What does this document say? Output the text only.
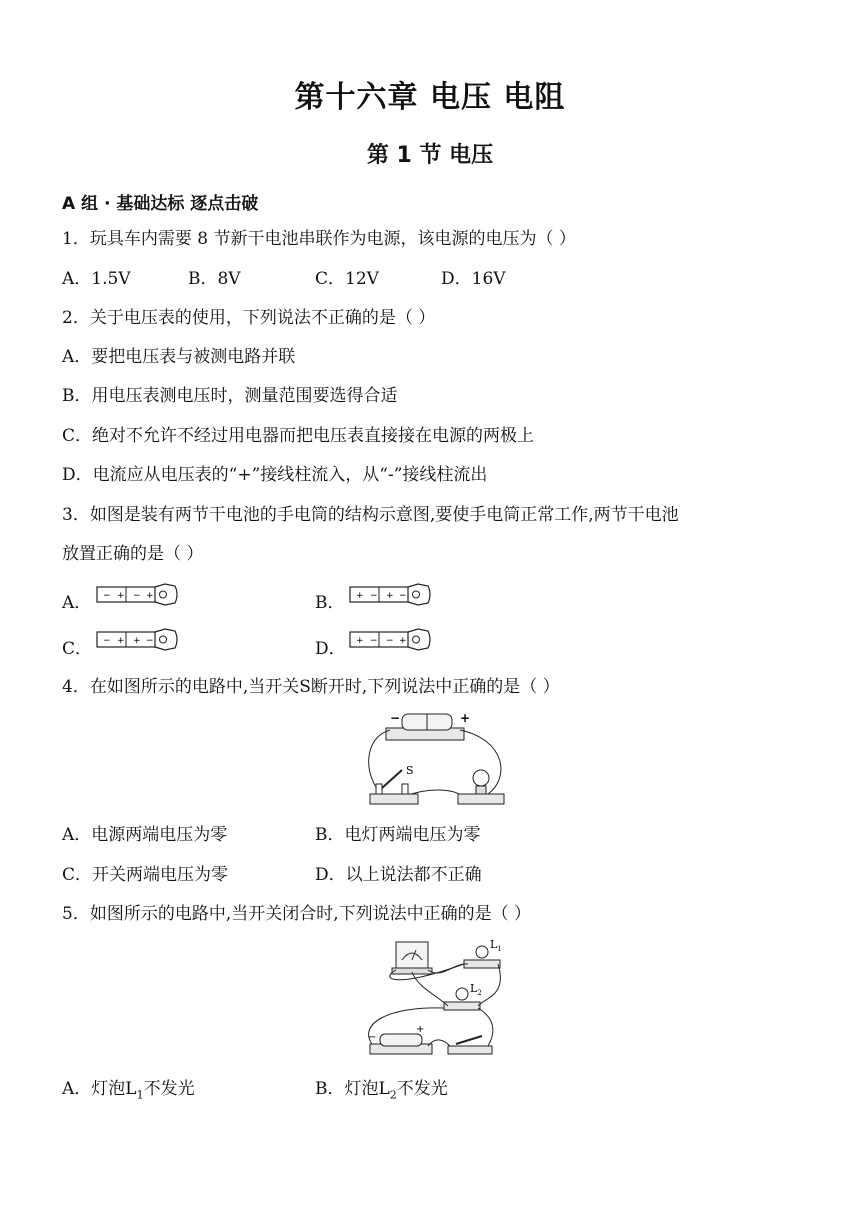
第十六章 电压 电阻
第 1 节 电压
A 组 · 基础达标 逐点击破
1．玩具车内需要 8 节新干电池串联作为电源，该电源的电压为（ ）
A．1.5V	B．8V	C．12V	D．16V
2．关于电压表的使用，下列说法不正确的是（ ）
A．要把电压表与被测电路并联
B．用电压表测电压时，测量范围要选得合适
C．绝对不允许不经过用电器而把电压表直接接在电源的两极上
D．电流应从电压表的“+”接线柱流入，从“-”接线柱流出
3．如图是装有两节干电池的手电筒的结构示意图,要使手电筒正常工作,两节干电池
放置正确的是（ ）
A． − + − +	B． + − + −
C． − + + −	D． + − − +
4．在如图所示的电路中,当开关S断开时,下列说法中正确的是（ ）
−	+
S
A．电源两端电压为零	B．电灯两端电压为零
C．开关两端电压为零	D．以上说法都不正确
5．如图所示的电路中,当开关闭合时,下列说法中正确的是（ ）
$L_1$
$L_2$
−
+
A．灯泡$L_1$不发光	B．灯泡$L_2$不发光
